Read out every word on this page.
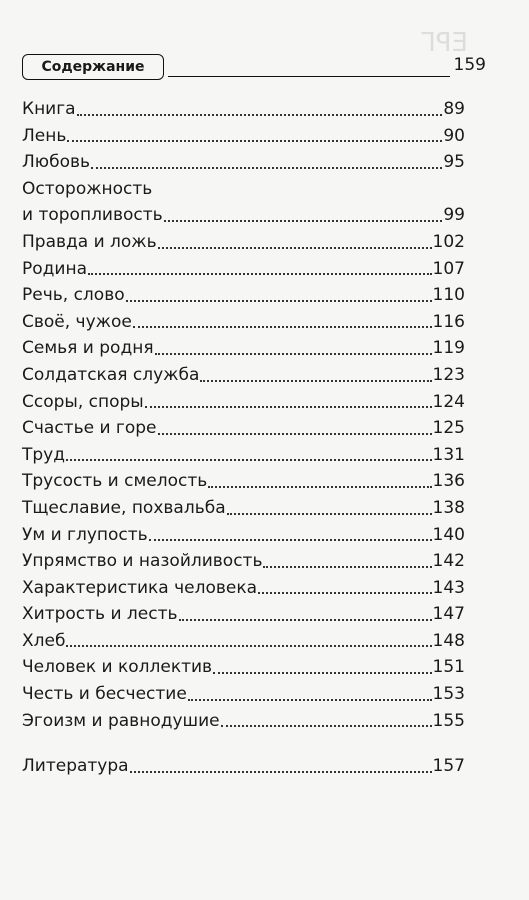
ЕРГ
Содержание	159
Книга	89
Лень	90
Любовь	95
Осторожность
и торопливость	99
Правда и ложь	102
Родина	107
Речь, слово	110
Своё, чужое	116
Семья и родня	119
Солдатская служба	123
Ссоры, споры	124
Счастье и горе	125
Труд	131
Трусость и смелость	136
Тщеславие, похвальба	138
Ум и глупость	140
Упрямство и назойливость	142
Характеристика человека	143
Хитрость и лесть	147
Хлеб	148
Человек и коллектив	151
Честь и бесчестие	153
Эгоизм и равнодушие	155
Литература	157
